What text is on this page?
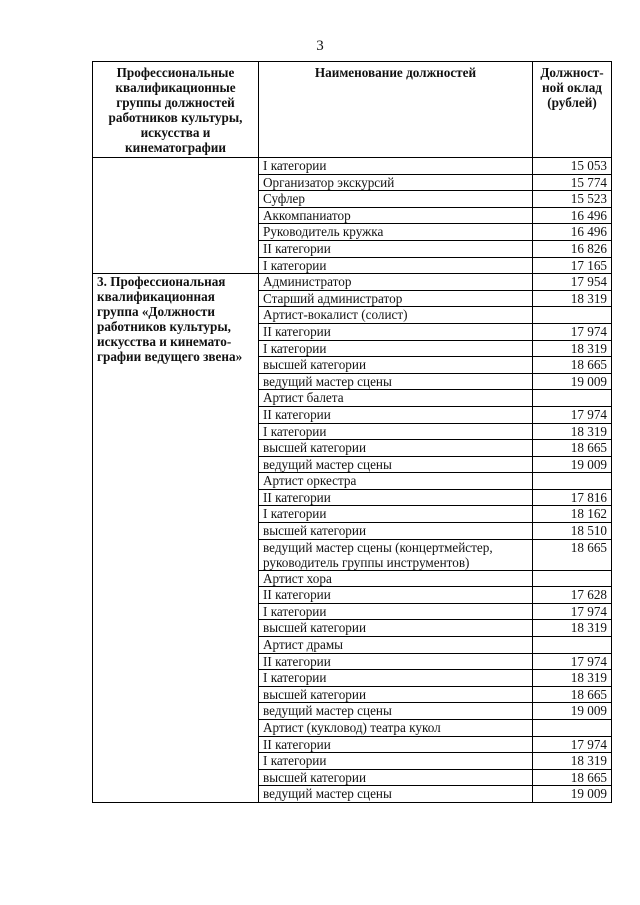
3
Профессиональные квалификационные группы должностей работников культуры, искусства и кинематографии	Наименование должностей	Должност-ной оклад (рублей)
	I категории	15 053
	Организатор экскурсий	15 774
	Суфлер	15 523
	Аккомпаниатор	16 496
	Руководитель кружка	16 496
	II категории	16 826
	I категории	17 165
3. Профессиональная квалификационная группа «Должности работников культуры, искусства и кинемато-графии ведущего звена»	Администратор	17 954
	Старший администратор	18 319
	Артист-вокалист (солист)	
	II категории	17 974
	I категории	18 319
	высшей категории	18 665
	ведущий мастер сцены	19 009
	Артист балета	
	II категории	17 974
	I категории	18 319
	высшей категории	18 665
	ведущий мастер сцены	19 009
	Артист оркестра	
	II категории	17 816
	I категории	18 162
	высшей категории	18 510
	ведущий мастер сцены (концертмейстер, руководитель группы инструментов)	18 665
	Артист хора	
	II категории	17 628
	I категории	17 974
	высшей категории	18 319
	Артист драмы	
	II категории	17 974
	I категории	18 319
	высшей категории	18 665
	ведущий мастер сцены	19 009
	Артист (кукловод) театра кукол	
	II категории	17 974
	I категории	18 319
	высшей категории	18 665
	ведущий мастер сцены	19 009
